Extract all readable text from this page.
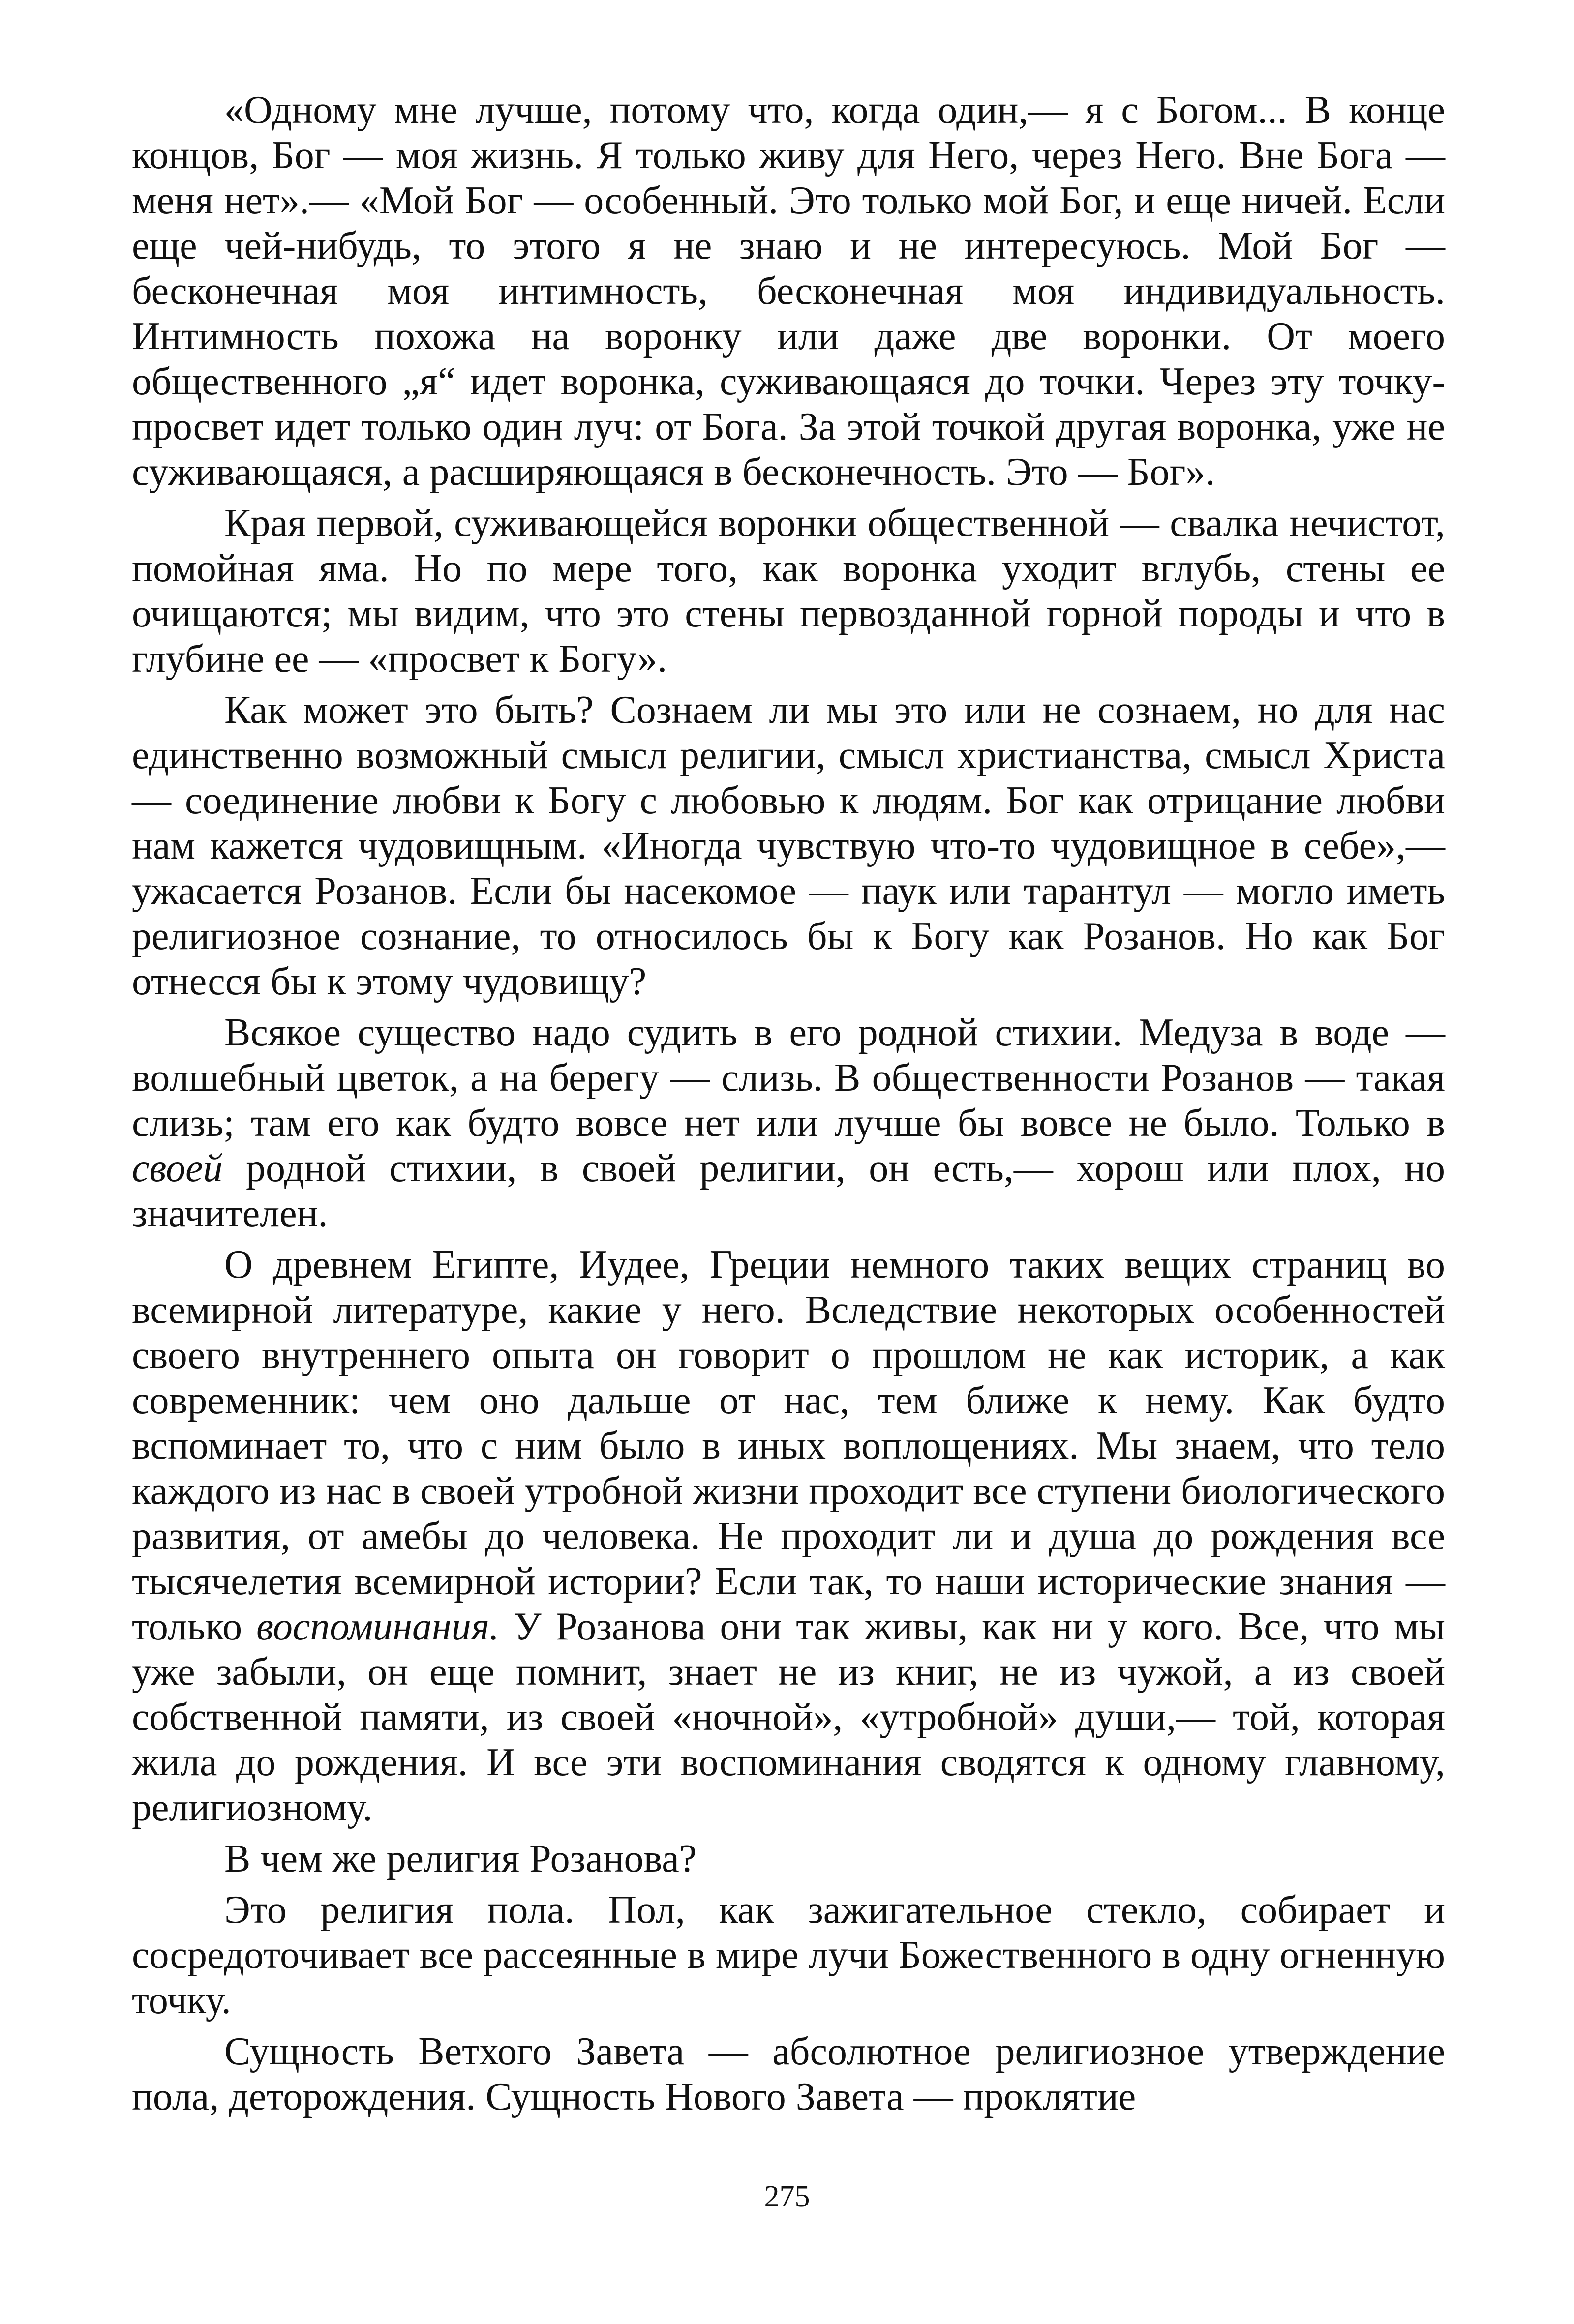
«Одному мне лучше, потому что, когда один,— я с Богом... В конце концов, Бог — моя жизнь. Я только живу для Него, через Него. Вне Бога — меня нет».— «Мой Бог — особенный. Это только мой Бог, и еще ничей. Если еще чей-нибудь, то этого я не знаю и не интересуюсь. Мой Бог — бесконечная моя интимность, бесконечная моя индивидуальность. Интимность похожа на воронку или даже две воронки. От моего общественного „я“ идет воронка, суживающаяся до точки. Через эту точку-просвет идет только один луч: от Бога. За этой точкой другая воронка, уже не суживающаяся, а расширяющаяся в бесконечность. Это — Бог».

Края первой, суживающейся воронки общественной — свалка нечистот, помойная яма. Но по мере того, как воронка уходит вглубь, стены ее очищаются; мы видим, что это стены первозданной горной породы и что в глубине ее — «просвет к Богу».

Как может это быть? Сознаем ли мы это или не сознаем, но для нас единственно возможный смысл религии, смысл христианства, смысл Христа — соединение любви к Богу с любовью к людям. Бог как отрицание любви нам кажется чудовищным. «Иногда чувствую что-то чудовищное в себе»,— ужасается Розанов. Если бы насекомое — паук или тарантул — могло иметь религиозное сознание, то относилось бы к Богу как Розанов. Но как Бог отнесся бы к этому чудовищу?

Всякое существо надо судить в его родной стихии. Медуза в воде — волшебный цветок, а на берегу — слизь. В общественности Розанов — такая слизь; там его как будто вовсе нет или лучше бы вовсе не было. Только в своей родной стихии, в своей религии, он есть,— хорош или плох, но значителен.

О древнем Египте, Иудее, Греции немного таких вещих страниц во всемирной литературе, какие у него. Вследствие некоторых особенностей своего внутреннего опыта он говорит о прошлом не как историк, а как современник: чем оно дальше от нас, тем ближе к нему. Как будто вспоминает то, что с ним было в иных воплощениях. Мы знаем, что тело каждого из нас в своей утробной жизни проходит все ступени биологического развития, от амебы до человека. Не проходит ли и душа до рождения все тысячелетия всемирной истории? Если так, то наши исторические знания — только воспоминания. У Розанова они так живы, как ни у кого. Все, что мы уже забыли, он еще помнит, знает не из книг, не из чужой, а из своей собственной памяти, из своей «ночной», «утробной» души,— той, которая жила до рождения. И все эти воспоминания сводятся к одному главному, религиозному.

В чем же религия Розанова?

Это религия пола. Пол, как зажигательное стекло, собирает и сосредоточивает все рассеянные в мире лучи Божественного в одну огненную точку.

Сущность Ветхого Завета — абсолютное религиозное утверждение пола, деторождения. Сущность Нового Завета — проклятие

275
